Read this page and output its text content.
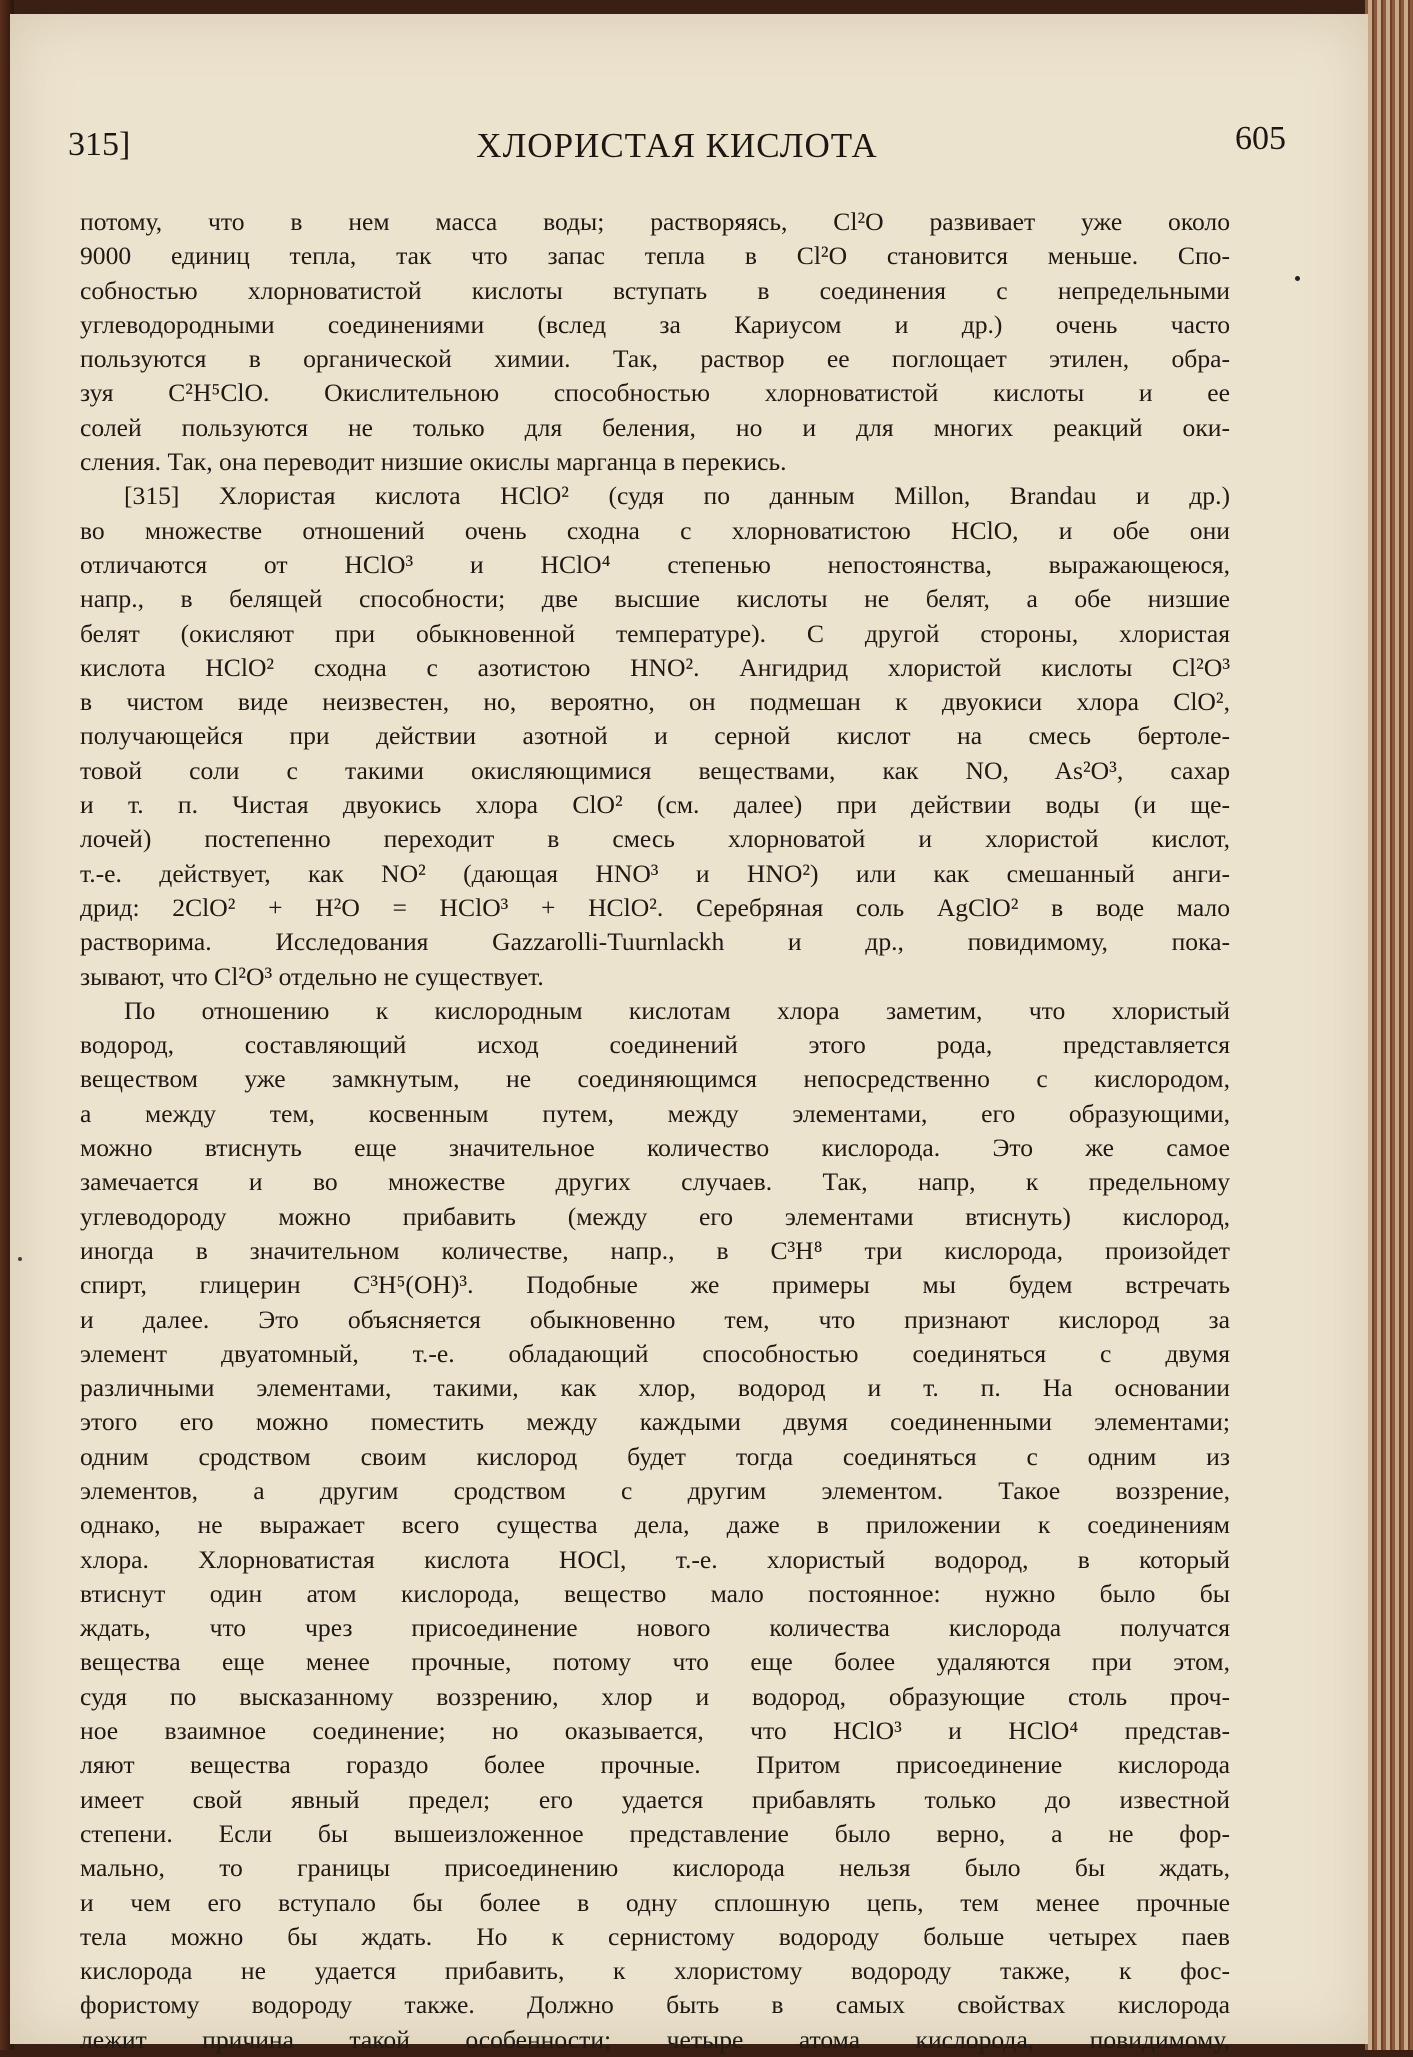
315]	ХЛОРИСТАЯ КИСЛОТА	605
потому, что в нем масса воды; растворяясь, Cl²O развивает уже около
9000 единиц тепла, так что запас тепла в Cl²O становится меньше. Спо-
собностью хлорноватистой кислоты вступать в соединения с непредельными
углеводородными соединениями (вслед за Кариусом и др.) очень часто
пользуются в органической химии. Так, раствор ее поглощает этилен, обра-
зуя C²H⁵ClO. Окислительною способностью хлорноватистой кислоты и ее
солей пользуются не только для беления, но и для многих реакций оки-
сления. Так, она переводит низшие окислы марганца в перекись.
[315] Хлористая кислота HClO² (судя по данным Millon, Brandau и др.)
во множестве отношений очень сходна с хлорноватистою HClO, и обе они
отличаются от HClO³ и HClO⁴ степенью непостоянства, выражающеюся,
напр., в белящей способности; две высшие кислоты не белят, а обе низшие
белят (окисляют при обыкновенной температуре). С другой стороны, хлористая
кислота HClO² сходна с азотистою HNO². Ангидрид хлористой кислоты Cl²O³
в чистом виде неизвестен, но, вероятно, он подмешан к двуокиси хлора ClO²,
получающейся при действии азотной и серной кислот на смесь бертоле-
товой соли с такими окисляющимися веществами, как NO, As²O³, сахар
и т. п. Чистая двуокись хлора ClO² (см. далее) при действии воды (и ще-
лочей) постепенно переходит в смесь хлорноватой и хлористой кислот,
т.-е. действует, как NO² (дающая HNO³ и HNO²) или как смешанный анги-
дрид: 2ClO² + H²O = HClO³ + HClO². Серебряная соль AgClO² в воде мало
растворима. Исследования Gazzarolli-Tuurnlackh и др., повидимому, пока-
зывают, что Cl²O³ отдельно не существует.
По отношению к кислородным кислотам хлора заметим, что хлористый
водород, составляющий исход соединений этого рода, представляется
веществом уже замкнутым, не соединяющимся непосредственно с кислородом,
а между тем, косвенным путем, между элементами, его образующими,
можно втиснуть еще значительное количество кислорода. Это же самое
замечается и во множестве других случаев. Так, напр, к предельному
углеводороду можно прибавить (между его элементами втиснуть) кислород,
иногда в значительном количестве, напр., в C³H⁸ три кислорода, произойдет
спирт, глицерин C³H⁵(OH)³. Подобные же примеры мы будем встречать
и далее. Это объясняется обыкновенно тем, что признают кислород за
элемент двуатомный, т.-е. обладающий способностью соединяться с двумя
различными элементами, такими, как хлор, водород и т. п. На основании
этого его можно поместить между каждыми двумя соединенными элементами;
одним сродством своим кислород будет тогда соединяться с одним из
элементов, а другим сродством с другим элементом. Такое воззрение,
однако, не выражает всего существа дела, даже в приложении к соединениям
хлора. Хлорноватистая кислота HOCl, т.-е. хлористый водород, в который
втиснут один атом кислорода, вещество мало постоянное: нужно было бы
ждать, что чрез присоединение нового количества кислорода получатся
вещества еще менее прочные, потому что еще более удаляются при этом,
судя по высказанному воззрению, хлор и водород, образующие столь проч-
ное взаимное соединение; но оказывается, что HClO³ и HClO⁴ представ-
ляют вещества гораздо более прочные. Притом присоединение кислорода
имеет свой явный предел; его удается прибавлять только до известной
степени. Если бы вышеизложенное представление было верно, а не фор-
мально, то границы присоединению кислорода нельзя было бы ждать,
и чем его вступало бы более в одну сплошную цепь, тем менее прочные
тела можно бы ждать. Но к сернистому водороду больше четырех паев
кислорода не удается прибавить, к хлористому водороду также, к фос-
фористому водороду также. Должно быть в самых свойствах кислорода
лежит причина такой особенности; четыре атома кислорода, повидимому,
